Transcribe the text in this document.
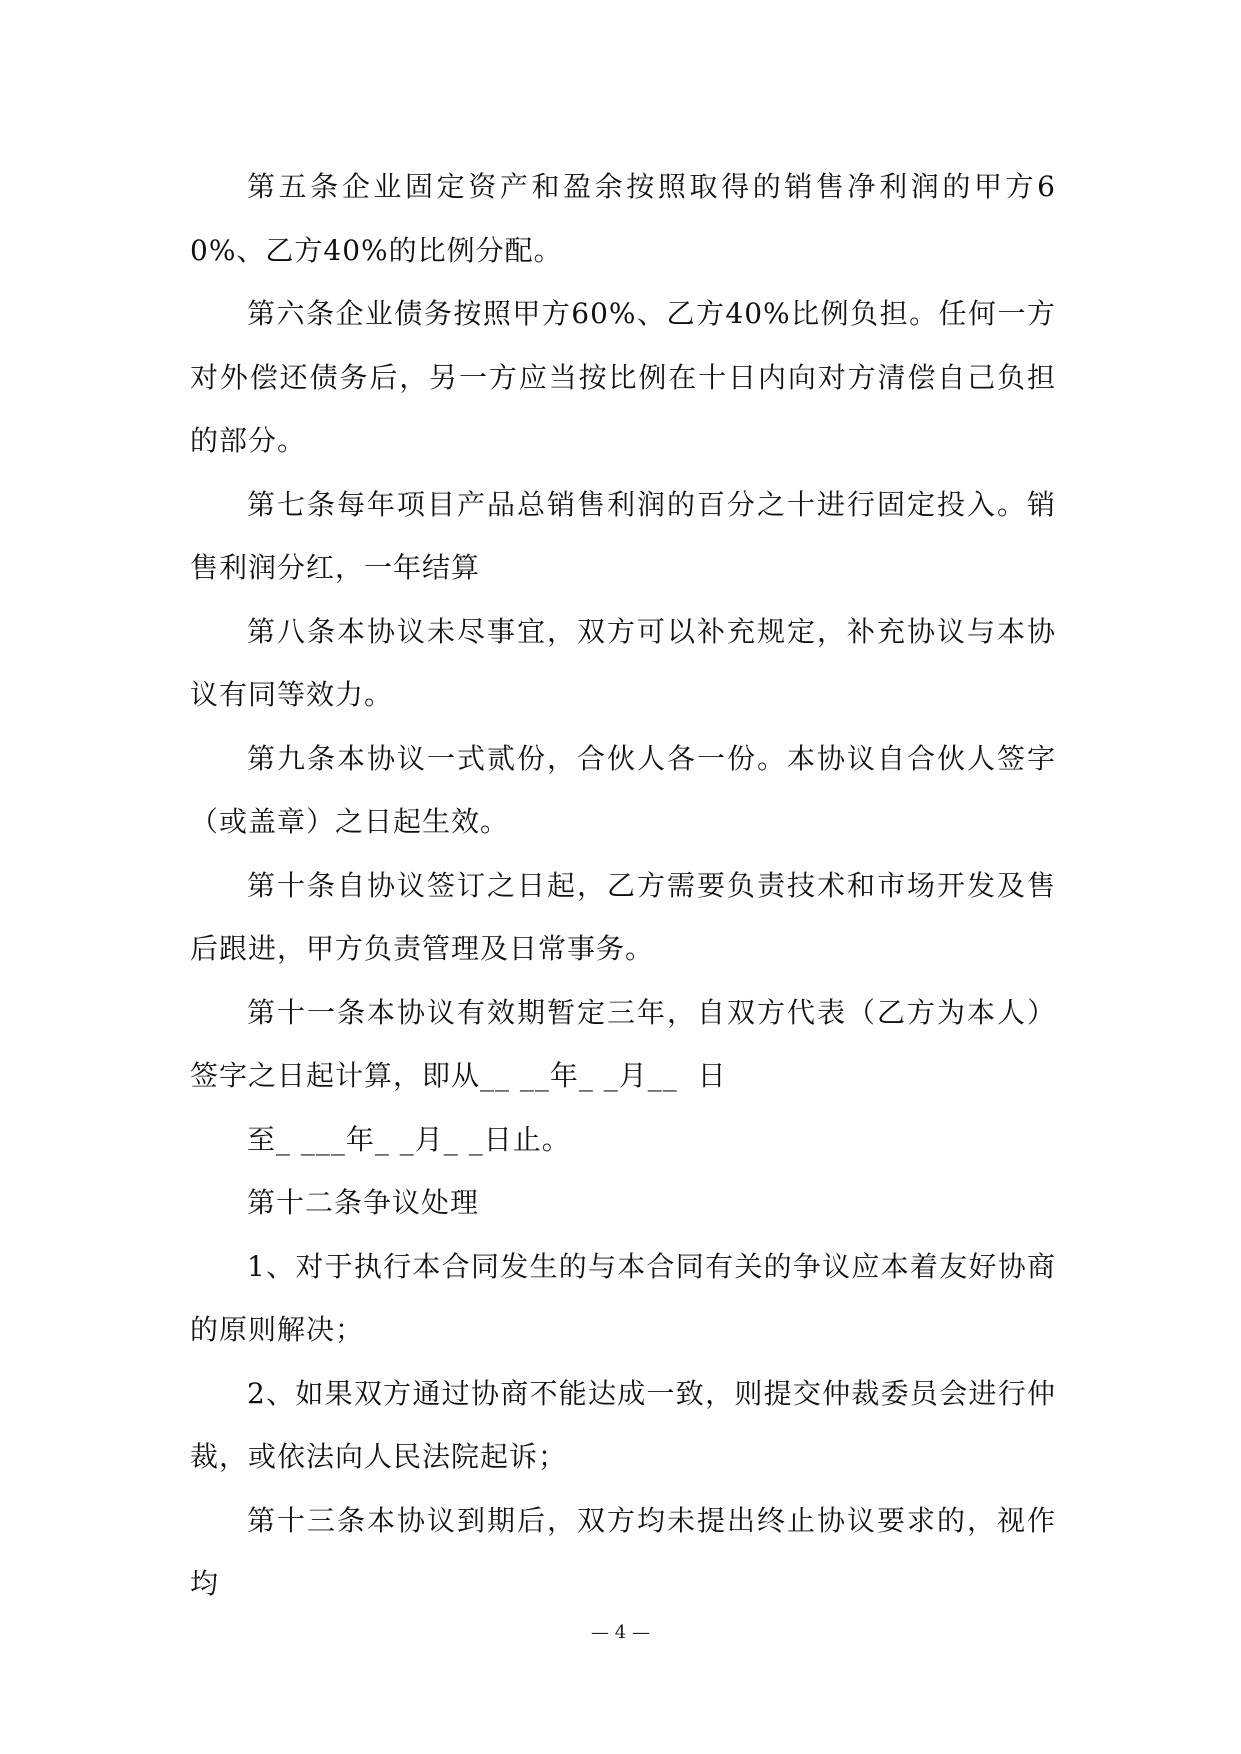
第五条企业固定资产和盈余按照取得的销售净利润的甲方60%、乙方40%的比例分配。

第六条企业债务按照甲方60%、乙方40%比例负担。任何一方对外偿还债务后，另一方应当按比例在十日内向对方清偿自己负担的部分。

第七条每年项目产品总销售利润的百分之十进行固定投入。销售利润分红，一年结算

第八条本协议未尽事宜，双方可以补充规定，补充协议与本协议有同等效力。

第九条本协议一式贰份，合伙人各一份。本协议自合伙人签字（或盖章）之日起生效。

第十条自协议签订之日起，乙方需要负责技术和市场开发及售后跟进，甲方负责管理及日常事务。

第十一条本协议有效期暂定三年，自双方代表（乙方为本人）签字之日起计算，即从__ __年_ _月__  日

至_ ___年_ _月_ _日止。

第十二条争议处理

1、对于执行本合同发生的与本合同有关的争议应本着友好协商的原则解决；

2、如果双方通过协商不能达成一致，则提交仲裁委员会进行仲裁，或依法向人民法院起诉；

第十三条本协议到期后，双方均未提出终止协议要求的，视作均

— 4 —
